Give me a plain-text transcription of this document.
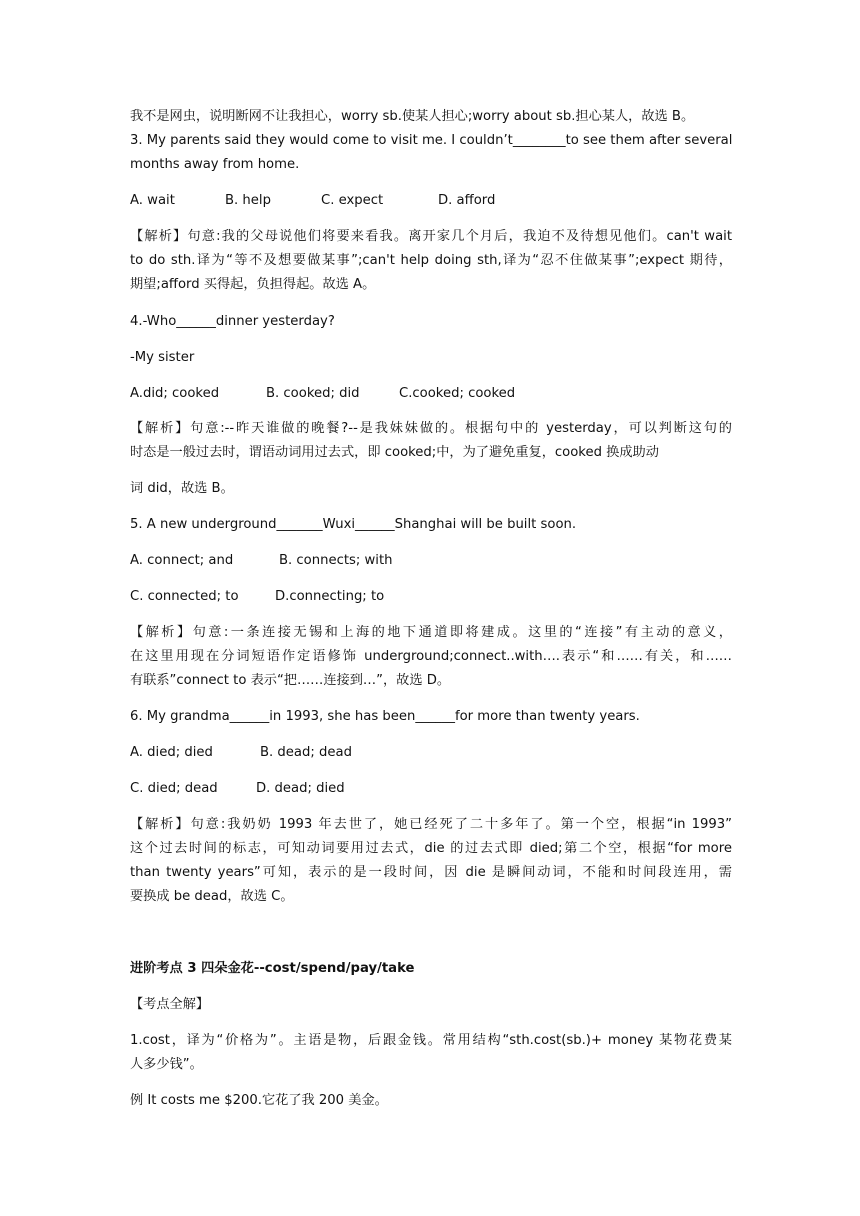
我不是网虫，说明断网不让我担心，worry sb.使某人担心;worry about sb.担心某人，故选 B。
3. My parents said they would come to visit me. I couldn’t________to see them after several
months away from home.
A. wait	B. help	C. expect	D. afford
【解析】句意:我的父母说他们将要来看我。离开家几个月后，我迫不及待想见他们。can't wait
to do sth.译为“等不及想要做某事”;can't help doing sth,译为“忍不住做某事”;expect 期待，
期望;afford 买得起，负担得起。故选 A。
4.-Who______dinner yesterday?
-My sister
A.did; cooked	B. cooked; did	C.cooked; cooked
【解析】句意:--昨天谁做的晚餐?--是我妹妹做的。根据句中的 yesterday，可以判断这句的
时态是一般过去时，谓语动词用过去式，即 cooked;中，为了避免重复，cooked 换成助动
词 did，故选 B。
5. A new underground_______Wuxi______Shanghai will be built soon.
A. connect; and	B. connects; with
C. connected; to	D.connecting; to
【解析】句意:一条连接无锡和上海的地下通道即将建成。这里的“连接”有主动的意义，
在这里用现在分词短语作定语修饰 underground;connect..with….表示“和……有关，和……
有联系”connect to 表示“把……连接到…”，故选 D。
6. My grandma______in 1993, she has been______for more than twenty years.
A. died; died	B. dead; dead
C. died; dead	D. dead; died
【解析】句意:我奶奶 1993 年去世了，她已经死了二十多年了。第一个空，根据“in 1993”
这个过去时间的标志，可知动词要用过去式，die 的过去式即 died;第二个空，根据“for more
than twenty years”可知，表示的是一段时间，因 die 是瞬间动词，不能和时间段连用，需
要换成 be dead，故选 C。
进阶考点 3 四朵金花--cost/spend/pay/take
【考点全解】
1.cost，译为“价格为”。主语是物，后跟金钱。常用结构“sth.cost(sb.)+ money 某物花费某
人多少钱”。
例 It costs me $200.它花了我 200 美金。
